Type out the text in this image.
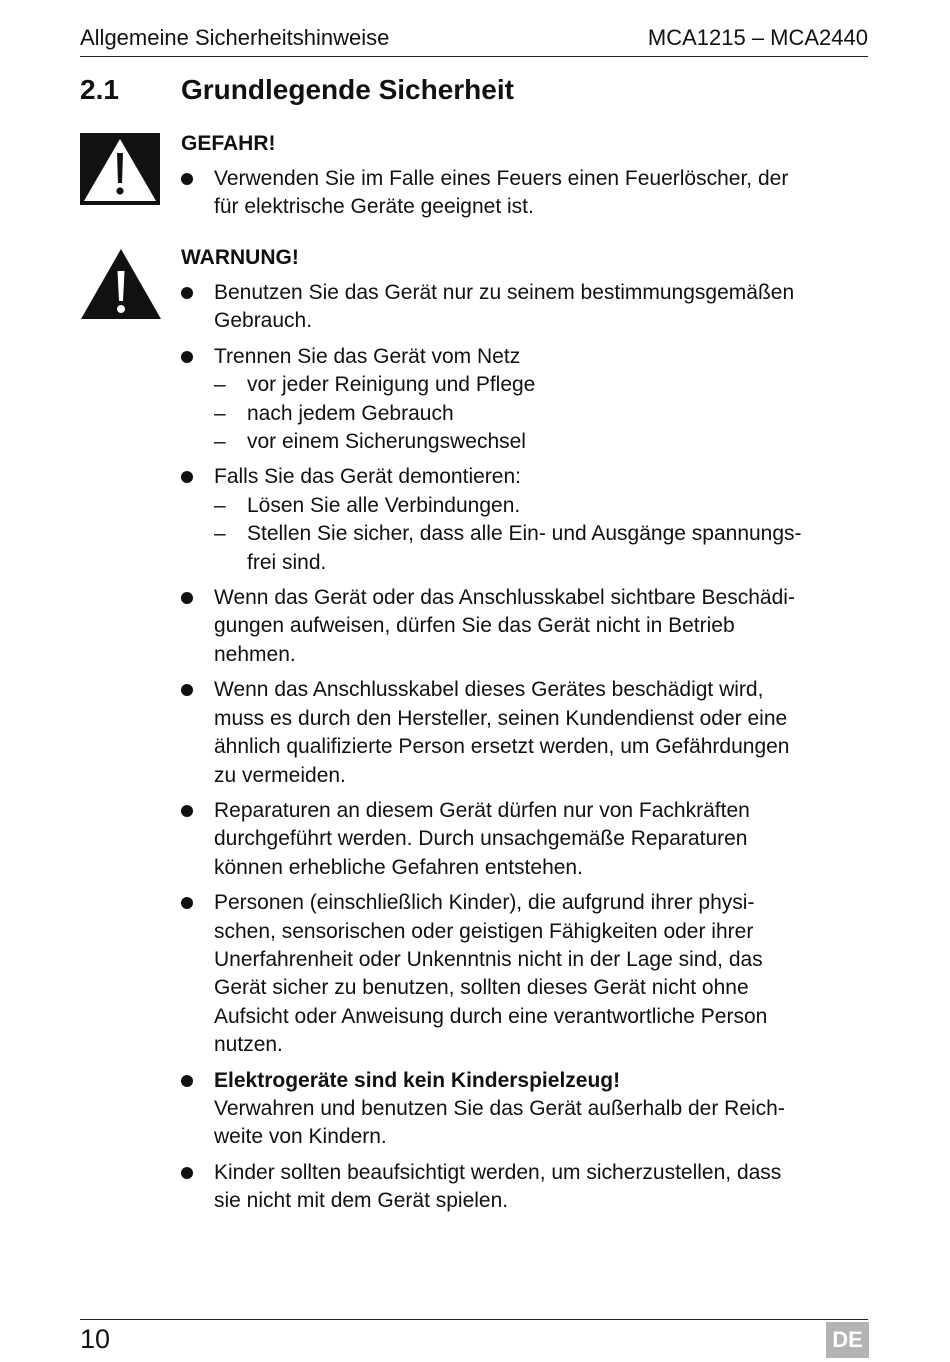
Allgemeine Sicherheitshinweise	MCA1215 – MCA2440
2.1	Grundlegende Sicherheit
GEFAHR!
Verwenden Sie im Falle eines Feuers einen Feuerlöscher, der
für elektrische Geräte geeignet ist.
WARNUNG!
Benutzen Sie das Gerät nur zu seinem bestimmungsgemäßen
Gebrauch.
Trennen Sie das Gerät vom Netz
– vor jeder Reinigung und Pflege
– nach jedem Gebrauch
– vor einem Sicherungswechsel
Falls Sie das Gerät demontieren:
– Lösen Sie alle Verbindungen.
– Stellen Sie sicher, dass alle Ein- und Ausgänge spannungs-
frei sind.
Wenn das Gerät oder das Anschlusskabel sichtbare Beschädi-
gungen aufweisen, dürfen Sie das Gerät nicht in Betrieb
nehmen.
Wenn das Anschlusskabel dieses Gerätes beschädigt wird,
muss es durch den Hersteller, seinen Kundendienst oder eine
ähnlich qualifizierte Person ersetzt werden, um Gefährdungen
zu vermeiden.
Reparaturen an diesem Gerät dürfen nur von Fachkräften
durchgeführt werden. Durch unsachgemäße Reparaturen
können erhebliche Gefahren entstehen.
Personen (einschließlich Kinder), die aufgrund ihrer physi-
schen, sensorischen oder geistigen Fähigkeiten oder ihrer
Unerfahrenheit oder Unkenntnis nicht in der Lage sind, das
Gerät sicher zu benutzen, sollten dieses Gerät nicht ohne
Aufsicht oder Anweisung durch eine verantwortliche Person
nutzen.
Elektrogeräte sind kein Kinderspielzeug!
Verwahren und benutzen Sie das Gerät außerhalb der Reich-
weite von Kindern.
Kinder sollten beaufsichtigt werden, um sicherzustellen, dass
sie nicht mit dem Gerät spielen.
10	DE
